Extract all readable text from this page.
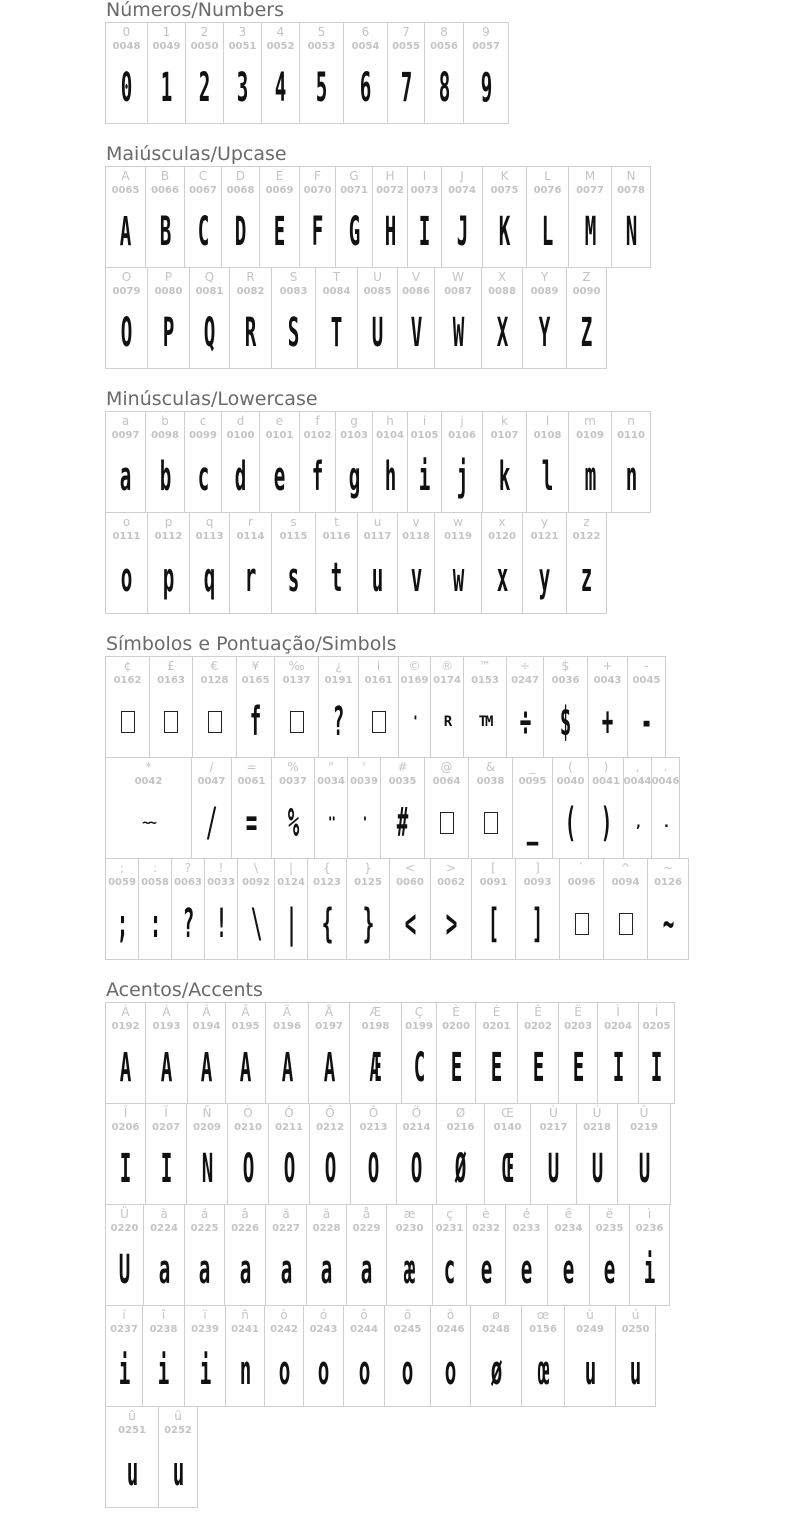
Números/Numbers
0
0048
0
1
0049
1
2
0050
2
3
0051
3
4
0052
4
5
0053
5
6
0054
6
7
0055
7
8
0056
8
9
0057
9
Maiúsculas/Upcase
A
0065
A
B
0066
B
C
0067
C
D
0068
D
E
0069
E
F
0070
F
G
0071
G
H
0072
H
I
0073
I
J
0074
J
K
0075
K
L
0076
L
M
0077
M
N
0078
N
O
0079
O
P
0080
P
Q
0081
Q
R
0082
R
S
0083
S
T
0084
T
U
0085
U
V
0086
V
W
0087
W
X
0088
X
Y
0089
Y
Z
0090
Z
Minúsculas/Lowercase
a
0097
a
b
0098
b
c
0099
c
d
0100
d
e
0101
e
f
0102
f
g
0103
g
h
0104
h
i
0105
i
j
0106
j
k
0107
k
l
0108
l
m
0109
m
n
0110
n
o
0111
o
p
0112
p
q
0113
q
r
0114
r
s
0115
s
t
0116
t
u
0117
u
v
0118
v
w
0119
w
x
0120
x
y
0121
y
z
0122
z
Símbolos e Pontuação/Simbols
¢
0162
£
0163
€
0128
¥
0165
f
‰
0137
¿
0191
?
i
0161
©
0169
'
®
0174
R
™
0153
TM
÷
0247
÷
$
0036
$
+
0043
+
-
0045
-
*
0042
~~
/
0047
/
=
0061
=
%
0037
%
"
0034
"
'
0039
'
#
0035
#
@
0064
&
0038
_
0095
_
(
0040
(
)
0041
)
,
0044
,
.
0046
.
;
0059
;
:
0058
:
?
0063
?
!
0033
!
\
0092
\
|
0124
|
{
0123
{
}
0125
}
<
0060
<
>
0062
>
[
0091
[
]
0093
]
`
0096
^
0094
~
0126
~
Acentos/Accents
À
0192
A
Á
0193
A
Â
0194
A
Ã
0195
A
Ä
0196
A
Å
0197
A
Æ
0198
Æ
Ç
0199
C
È
0200
E
É
0201
E
Ê
0202
E
Ë
0203
E
Ì
0204
I
Í
0205
I
Î
0206
I
Ï
0207
I
Ñ
0209
N
Ò
0210
O
Ó
0211
O
Ô
0212
O
Õ
0213
O
Ö
0214
O
Ø
0216
Ø
Œ
0140
Œ
Ù
0217
U
Ú
0218
U
Û
0219
U
Ü
0220
U
à
0224
a
á
0225
a
â
0226
a
ã
0227
a
ä
0228
a
å
0229
a
æ
0230
æ
ç
0231
c
è
0232
e
é
0233
e
ê
0234
e
ë
0235
e
ì
0236
i
í
0237
i
î
0238
i
ï
0239
i
ñ
0241
n
ò
0242
o
ó
0243
o
ô
0244
o
õ
0245
o
ö
0246
o
ø
0248
ø
œ
0156
œ
ù
0249
u
ú
0250
u
û
0251
u
ü
0252
u
